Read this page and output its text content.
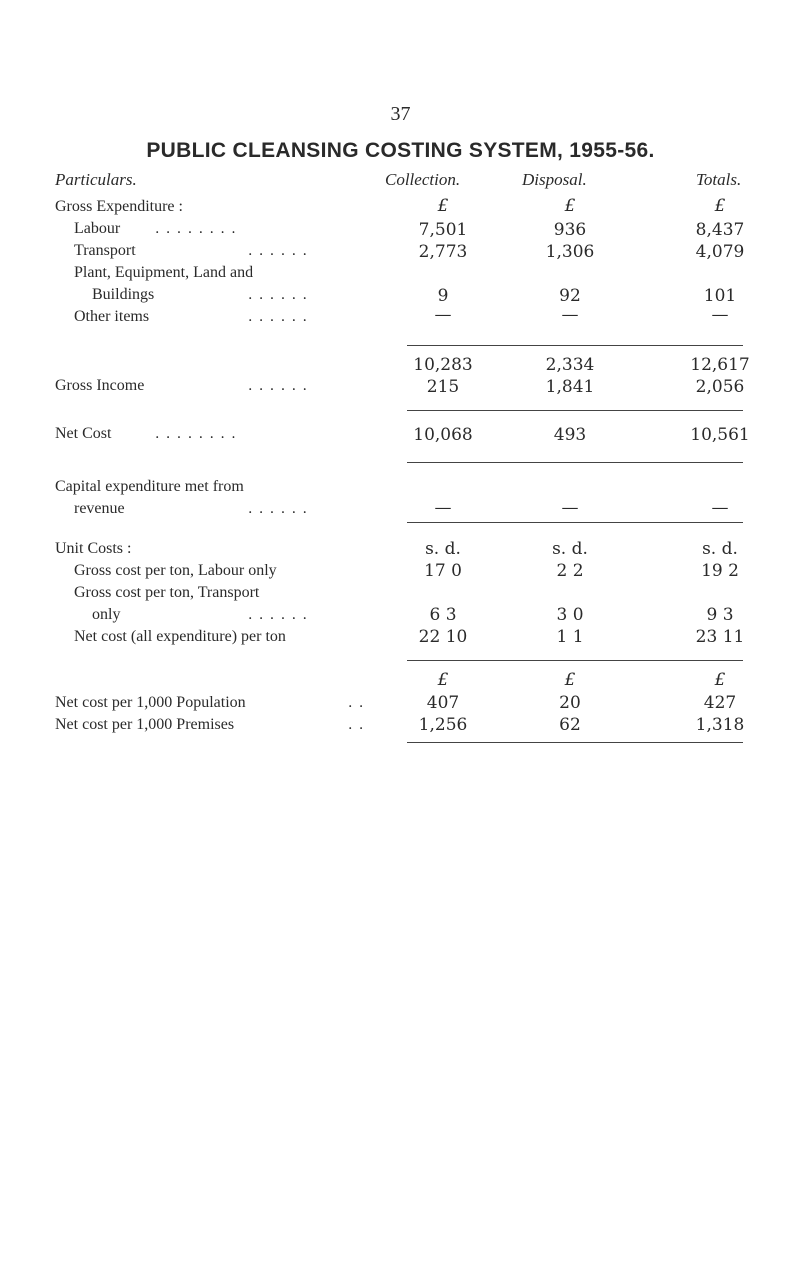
37
PUBLIC CLEANSING COSTING SYSTEM, 1955-56.
Particulars.	Collection.	Disposal.	Totals.
Gross Expenditure :	£	£	£
Labour . . . . . . . .	7,501	936	8,437
Transport	. . . . . .	2,773	1,306	4,079
Plant, Equipment, Land and
Buildings	. . . . . .	9	92	101
Other items	. . . . . .	—	—	—
10,283	2,334	12,617
Gross Income	. . . . . .	215	1,841	2,056
Net Cost	. . . . . . . .	10,068	493	10,561
Capital expenditure met from
revenue	. . . . . .	—	—	—
Unit Costs :	s. d.	s. d.	s. d.
Gross cost per ton, Labour only	17 0	2 2	19 2
Gross cost per ton, Transport
only	. . . . . .	6 3	3 0	9 3
Net cost (all expenditure) per ton	22 10	1 1	23 11
£	£	£
Net cost per 1,000 Population	. .	407	20	427
Net cost per 1,000 Premises	. .	1,256	62	1,318
